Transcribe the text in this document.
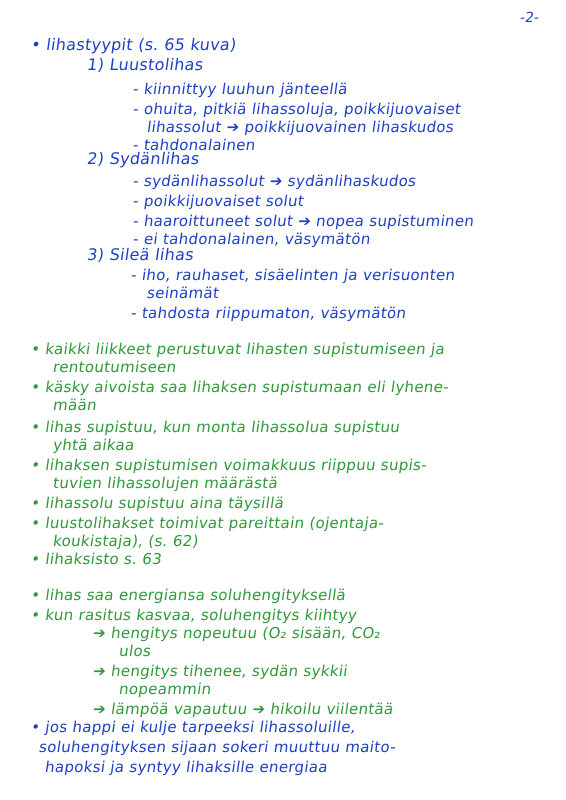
-2-
• lihastyypit (s. 65 kuva)
1) Luustolihas
- kiinnittyy luuhun jänteellä
- ohuita, pitkiä lihassoluja, poikkijuovaiset
lihassolut ➔ poikkijuovainen lihaskudos
- tahdonalainen
2) Sydänlihas
- sydänlihassolut ➔ sydänlihaskudos
- poikkijuovaiset solut
- haaroittuneet solut ➔ nopea supistuminen
- ei tahdonalainen, väsymätön
3) Sileä lihas
- iho, rauhaset, sisäelinten ja verisuonten
seinämät
- tahdosta riippumaton, väsymätön
• kaikki liikkeet perustuvat lihasten supistumiseen ja
rentoutumiseen
• käsky aivoista saa lihaksen supistumaan eli lyhene-
mään
• lihas supistuu, kun monta lihassolua supistuu
yhtä aikaa
• lihaksen supistumisen voimakkuus riippuu supis-
tuvien lihassolujen määrästä
• lihassolu supistuu aina täysillä
• luustolihakset toimivat pareittain (ojentaja-
koukistaja), (s. 62)
• lihaksisto s. 63
• lihas saa energiansa soluhengityksellä
• kun rasitus kasvaa, soluhengitys kiihtyy
➔ hengitys nopeutuu (O₂ sisään, CO₂
ulos
➔ hengitys tihenee, sydän sykkii
nopeammin
➔ lämpöä vapautuu ➔ hikoilu viilentää
• jos happi ei kulje tarpeeksi lihassoluille,
soluhengityksen sijaan sokeri muuttuu maito-
hapoksi ja syntyy lihaksille energiaa
